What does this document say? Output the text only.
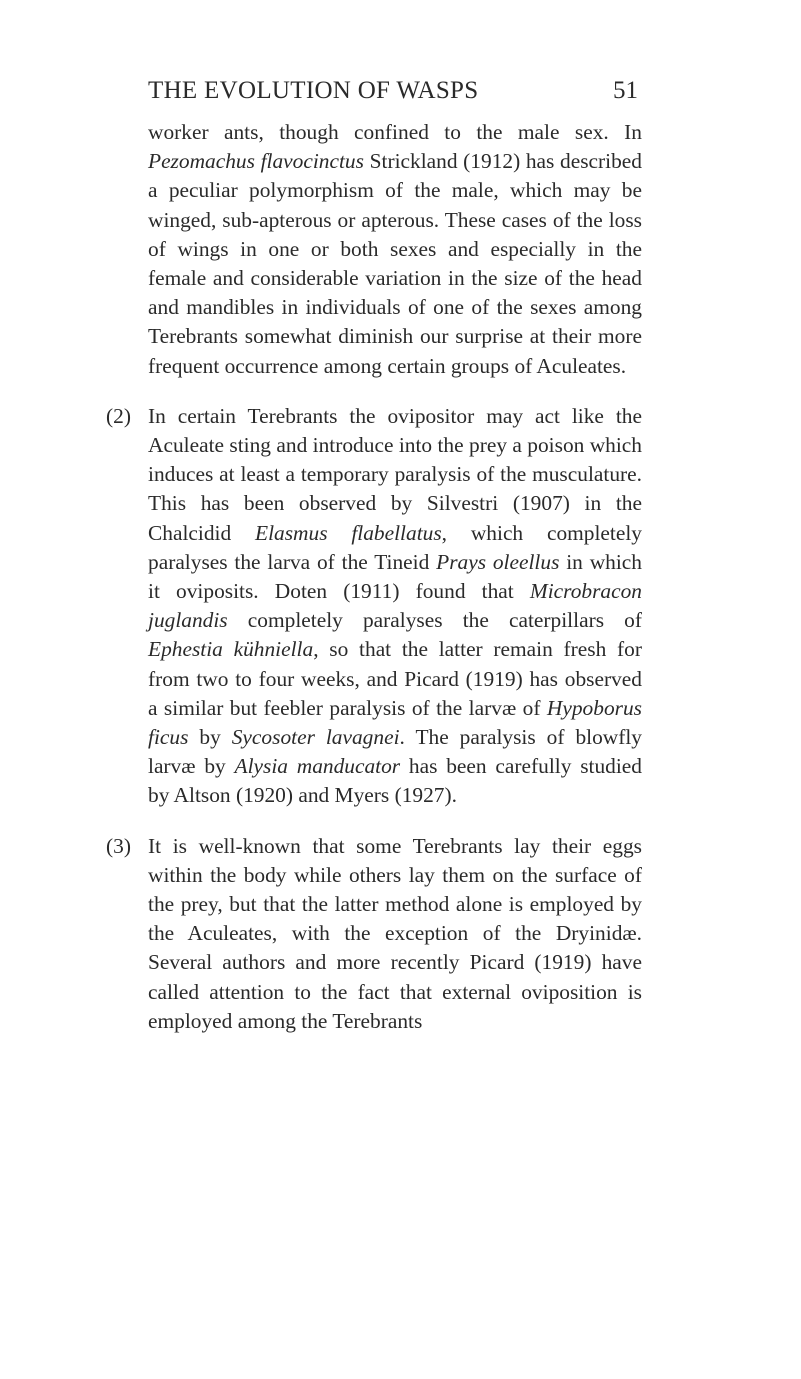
THE EVOLUTION OF WASPS	51

worker ants, though confined to the male sex. In Pezomachus flavocinctus Strickland (1912) has described a peculiar polymorphism of the male, which may be winged, sub-apterous or apterous. These cases of the loss of wings in one or both sexes and especially in the female and considerable variation in the size of the head and mandibles in individuals of one of the sexes among Terebrants somewhat diminish our surprise at their more frequent occurrence among certain groups of Aculeates.

(2) In certain Terebrants the ovipositor may act like the Aculeate sting and introduce into the prey a poison which induces at least a temporary paralysis of the musculature. This has been observed by Silvestri (1907) in the Chalcidid Elasmus flabellatus, which completely paralyses the larva of the Tineid Prays oleellus in which it oviposits. Doten (1911) found that Microbracon juglandis completely paralyses the caterpillars of Ephestia kühniella, so that the latter remain fresh for from two to four weeks, and Picard (1919) has observed a similar but feebler paralysis of the larvæ of Hypoborus ficus by Sycosoter lavagnei. The paralysis of blowfly larvæ by Alysia manducator has been carefully studied by Altson (1920) and Myers (1927).

(3) It is well-known that some Terebrants lay their eggs within the body while others lay them on the surface of the prey, but that the latter method alone is employed by the Aculeates, with the exception of the Dryinidæ. Several authors and more recently Picard (1919) have called attention to the fact that external oviposition is employed among the Terebrants
